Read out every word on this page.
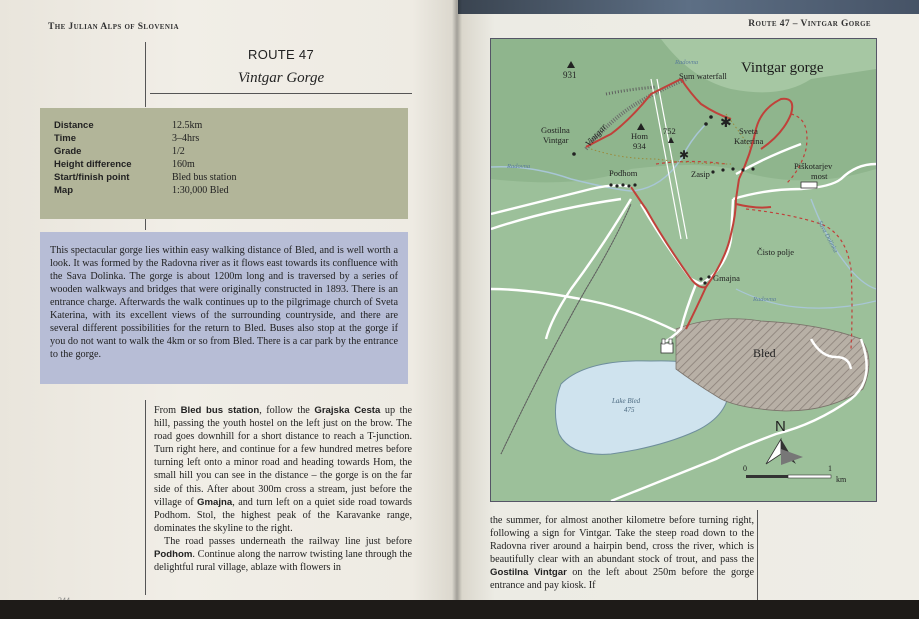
The Julian Alps of Slovenia
ROUTE 47
Vintgar Gorge
Distance	12.5km
Time	3–4hrs
Grade	1/2
Height difference	160m
Start/finish point	Bled bus station
Map	1:30,000 Bled
This spectacular gorge lies within easy walking distance of Bled, and is well worth a look. It was formed by the Radovna river as it flows east towards its confluence with the Sava Dolinka. The gorge is about 1200m long and is traversed by a series of wooden walkways and bridges that were originally constructed in 1893. There is an entrance charge. Afterwards the walk continues up to the pilgrimage church of Sveta Katerina, with its excellent views of the surrounding countryside, and there are several different possibilities for the return to Bled. Buses also stop at the gorge if you do not want to walk the 4km or so from Bled. There is a car park by the entrance to the gorge.

From Bled bus station, follow the Grajska Cesta up the hill, passing the youth hostel on the left just on the brow. The road goes downhill for a short distance to reach a T-junction. Turn right here, and continue for a few hundred metres before turning left onto a minor road and heading towards Hom, the small hill you can see in the distance – the gorge is on the far side of this. After about 300m cross a stream, just before the village of Gmajna, and turn left on a quiet side road towards Podhom. Stol, the highest peak of the Karavanke range, dominates the skyline to the right.

The road passes underneath the railway line just before Podhom. Continue along the narrow twisting lane through the delightful rural village, ablaze with flowers in

Route 47 – Vintgar Gorge
✱
✱
Vintgar gorge
931	Sum waterfall
Radovna
Vintgar
Gostilna
Vintgar	Hom
934
752	Sveta
Katerina
Radovna
Podhom	Zasip
Piškotarjev
most
Sava Dolinka
Čisto polje
Gmajna
Radovna
Bled
Lake Bled
475
N
0	1
km

the summer, for almost another kilometre before turning right, following a sign for Vintgar. Take the steep road down to the Radovna river around a hairpin bend, cross the river, which is beautifully clear with an abundant stock of trout, and pass the Gostilna Vintgar on the left about 250m before the gorge entrance and pay kiosk. If
